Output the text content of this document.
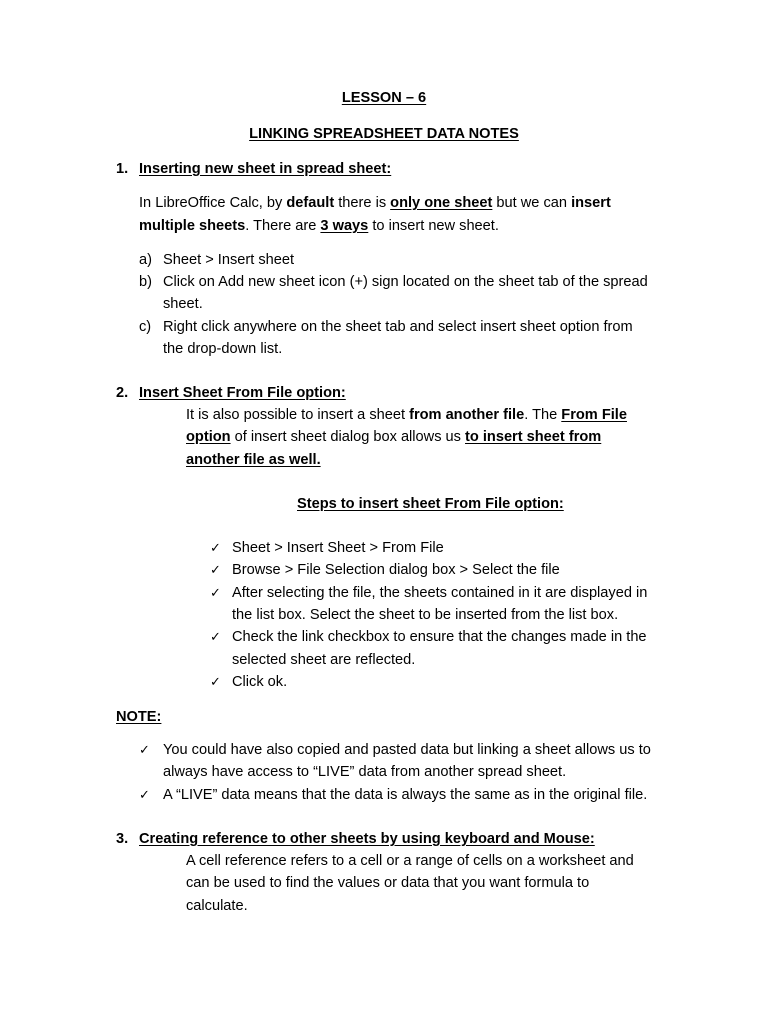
LESSON – 6
LINKING SPREADSHEET DATA NOTES
1. Inserting new sheet in spread sheet:
In LibreOffice Calc, by default there is only one sheet but we can insert
multiple sheets. There are 3 ways to insert new sheet.
a) Sheet > Insert sheet
b) Click on Add new sheet icon (+) sign located on the sheet tab of the spread
sheet.
c) Right click anywhere on the sheet tab and select insert sheet option from
the drop-down list.
2. Insert Sheet From File option:
It is also possible to insert a sheet from another file. The From File
option of insert sheet dialog box allows us to insert sheet from
another file as well.
Steps to insert sheet From File option:
✓ Sheet > Insert Sheet > From File
✓ Browse > File Selection dialog box > Select the file
✓ After selecting the file, the sheets contained in it are displayed in
the list box. Select the sheet to be inserted from the list box.
✓ Check the link checkbox to ensure that the changes made in the
selected sheet are reflected.
✓ Click ok.
NOTE:
✓ You could have also copied and pasted data but linking a sheet allows us to
always have access to “LIVE” data from another spread sheet.
✓ A “LIVE” data means that the data is always the same as in the original file.
3. Creating reference to other sheets by using keyboard and Mouse:
A cell reference refers to a cell or a range of cells on a worksheet and
can be used to find the values or data that you want formula to
calculate.
